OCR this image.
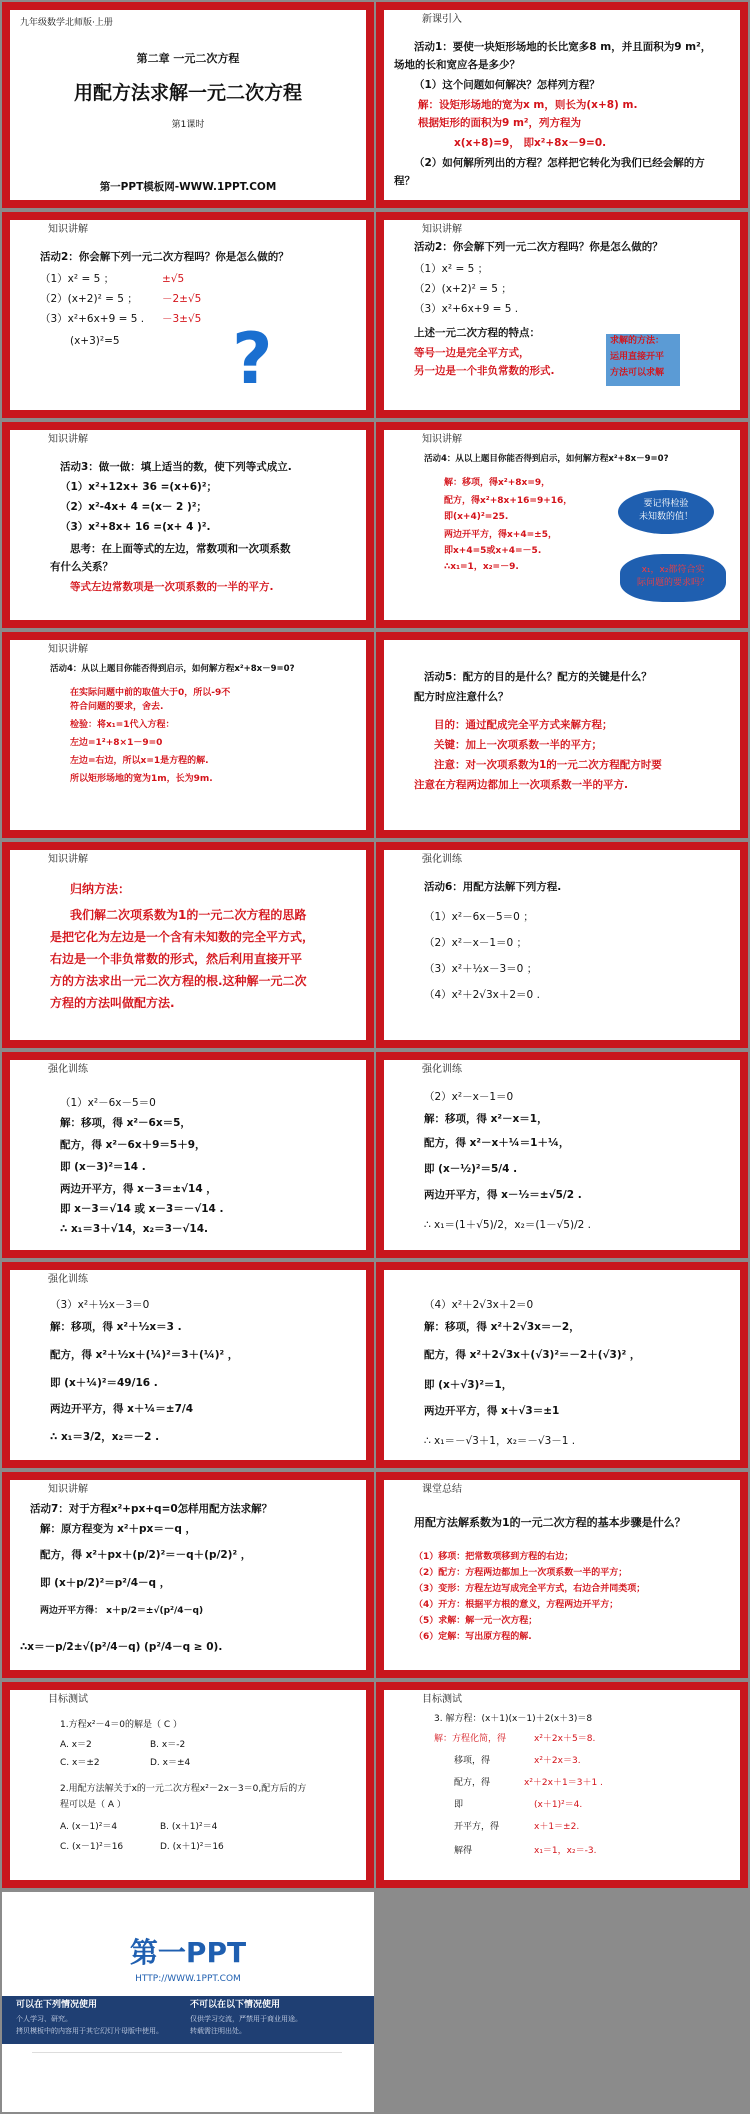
九年级数学北师版·上册
第二章 一元二次方程
用配方法求解一元二次方程
第1课时
第一PPT模板网-WWW.1PPT.COM
新课引入
活动1：要使一块矩形场地的长比宽多8 m，并且面积为9 m²，
场地的长和宽应各是多少？
（1）这个问题如何解决？怎样列方程？
解：设矩形场地的宽为x m，则长为(x+8) m.
根据矩形的面积为9 m²，列方程为
x(x+8)=9， 即x²+8x－9=0.
（2）如何解所列出的方程？怎样把它转化为我们已经会解的方
程？
知识讲解
活动2：你会解下列一元二次方程吗？你是怎么做的？
（1）x² = 5 ；	±√5
（2）(x+2)² = 5 ； －2±√5
（3）x²+6x+9 = 5 . －3±√5
(x+3)²=5 ?
知识讲解
活动2：你会解下列一元二次方程吗？你是怎么做的？
（1）x² = 5 ；
（2）(x+2)² = 5 ；
（3）x²+6x+9 = 5 .
上述一元二次方程的特点：
等号一边是完全平方式，
另一边是一个非负常数的形式.
求解的方法：
运用直接开平
方法可以求解
知识讲解
活动3：做一做：填上适当的数，使下列等式成立.
（1）x²+12x+ 36 =(x+6)²；
（2）x²-4x+ 4 =(x－ 2 )²；
（3）x²+8x+ 16 =(x+ 4 )².
思考：在上面等式的左边，常数项和一次项系数
有什么关系？
等式左边常数项是一次项系数的一半的平方.
知识讲解
活动4：从以上题目你能否得到启示，如何解方程x²+8x－9=0?
解：移项，得x²+8x=9，
配方，得x²+8x+16=9+16，
即(x+4)²=25.
两边开平方，得x+4=±5，
即x+4=5或x+4=－5.
∴x₁=1，x₂=－9.
要记得检验
未知数的值！
x₁，x₂都符合实
际问题的要求吗？
知识讲解
活动4：从以上题目你能否得到启示，如何解方程x²+8x－9=0?
在实际问题中前的取值大于0，所以-9不
符合问题的要求，舍去.
检验：将x₁=1代入方程：
左边=1²+8×1－9=0
左边=右边，所以x=1是方程的解.
所以矩形场地的宽为1m，长为9m.
活动5：配方的目的是什么？配方的关键是什么？
配方时应注意什么？
目的：通过配成完全平方式来解方程；
关键：加上一次项系数一半的平方；
注意：对一次项系数为1的一元二次方程配方时要
注意在方程两边都加上一次项系数一半的平方.
知识讲解
归纳方法：
我们解二次项系数为1的一元二次方程的思路
是把它化为左边是一个含有未知数的完全平方式，
右边是一个非负常数的形式，然后利用直接开平
方的方法求出一元二次方程的根.这种解一元二次
方程的方法叫做配方法.
强化训练
活动6：用配方法解下列方程.
（1）x²－6x－5＝0 ；
（2）x²－x－1＝0 ；
（3）x²＋½x－3＝0 ；
（4）x²＋2√3x＋2＝0 .
强化训练
（1）x²－6x－5＝0
解：移项，得 x²－6x＝5，
配方，得 x²－6x＋9＝5＋9，
即 (x－3)²＝14 .
两边开平方，得 x－3＝±√14 ，
即 x－3＝√14 或 x－3＝－√14 .
∴ x₁＝3＋√14，x₂＝3－√14.
强化训练
（2）x²－x－1＝0
解：移项，得 x²－x＝1，
配方，得 x²－x＋¼＝1＋¼，
即 (x－½)²＝5/4 .
两边开平方，得 x－½＝±√5/2 .
∴ x₁＝(1＋√5)/2，x₂＝(1－√5)/2 .
强化训练
（3）x²＋½x－3＝0
解：移项，得 x²＋½x＝3 .
配方，得 x²＋½x＋(¼)²＝3＋(¼)² ，
即 (x＋¼)²＝49/16 .
两边开平方，得 x＋¼＝±7/4
∴ x₁＝3/2，x₂＝－2 .
（4）x²＋2√3x＋2＝0
解：移项，得 x²＋2√3x＝－2，
配方，得 x²＋2√3x＋(√3)²＝－2＋(√3)² ，
即 (x＋√3)²＝1，
两边开平方，得 x＋√3＝±1
∴ x₁＝－√3＋1，x₂＝－√3－1 .
知识讲解
活动7：对于方程x²+px+q=0怎样用配方法求解？
解：原方程变为 x²＋px＝－q ，
配方，得 x²＋px＋(p/2)²＝－q＋(p/2)² ，
即 (x＋p/2)²＝p²/4－q ，
两边开平方得： x＋p/2＝±√(p²/4－q)
∴x＝－p/2±√(p²/4－q) (p²/4－q ≥ 0).
课堂总结
用配方法解系数为1的一元二次方程的基本步骤是什么？
（1）移项：把常数项移到方程的右边；
（2）配方：方程两边都加上一次项系数一半的平方；
（3）变形：方程左边写成完全平方式，右边合并同类项；
（4）开方：根据平方根的意义，方程两边开平方；
（5）求解：解一元一次方程；
（6）定解：写出原方程的解.
目标测试
1.方程x²－4＝0的解是（ C ）
A. x＝2	B. x＝-2
C. x＝±2	D. x＝±4
2.用配方法解关于x的一元二次方程x²－2x－3＝0,配方后的方
程可以是（ A ）
A. (x－1)²＝4	B. (x＋1)²＝4
C. (x－1)²＝16	D. (x＋1)²＝16
目标测试
3. 解方程：(x＋1)(x－1)＋2(x＋3)＝8
解：方程化简，得	x²＋2x＋5＝8.
移项，得	x²＋2x＝3.
配方，得	x²＋2x＋1＝3＋1 .
即	(x＋1)²＝4.
开平方，得	x＋1＝±2.
解得	x₁＝1，x₂＝-3.
第一PPT
HTTP://WWW.1PPT.COM
可以在下列情况使用	不可以在以下情况使用
个人学习、研究。
拷贝模板中的内容用于其它幻灯片母版中使用。
仅供学习交流，严禁用于商业用途。
转载需注明出处。
